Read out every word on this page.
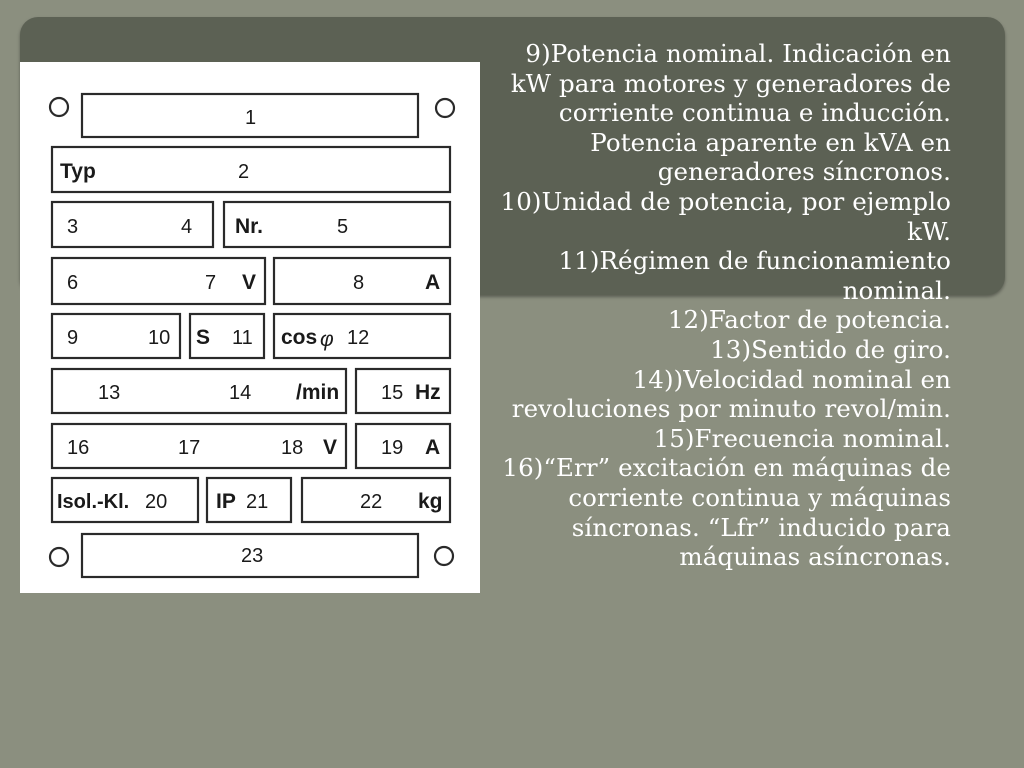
1
Typ	2
3	4 Nr.	5
6	7 V	8	A
9	10 S 11 cos φ 12
13	14 /min 15 Hz
16	17	18 V 19 A
Isol.-Kl. 20 IP 21	22 kg
23

9)Potencia nominal. Indicación en kW para motores y generadores de corriente continua e inducción. Potencia aparente en kVA en generadores síncronos.

10)Unidad de potencia, por ejemplo kW.

11)Régimen de funcionamiento nominal.

12)Factor de potencia.

13)Sentido de giro.

14))Velocidad nominal en revoluciones por minuto revol/min.

15)Frecuencia nominal.

16)“Err” excitación en máquinas de corriente continua y máquinas síncronas. “Lfr” inducido para máquinas asíncronas.
